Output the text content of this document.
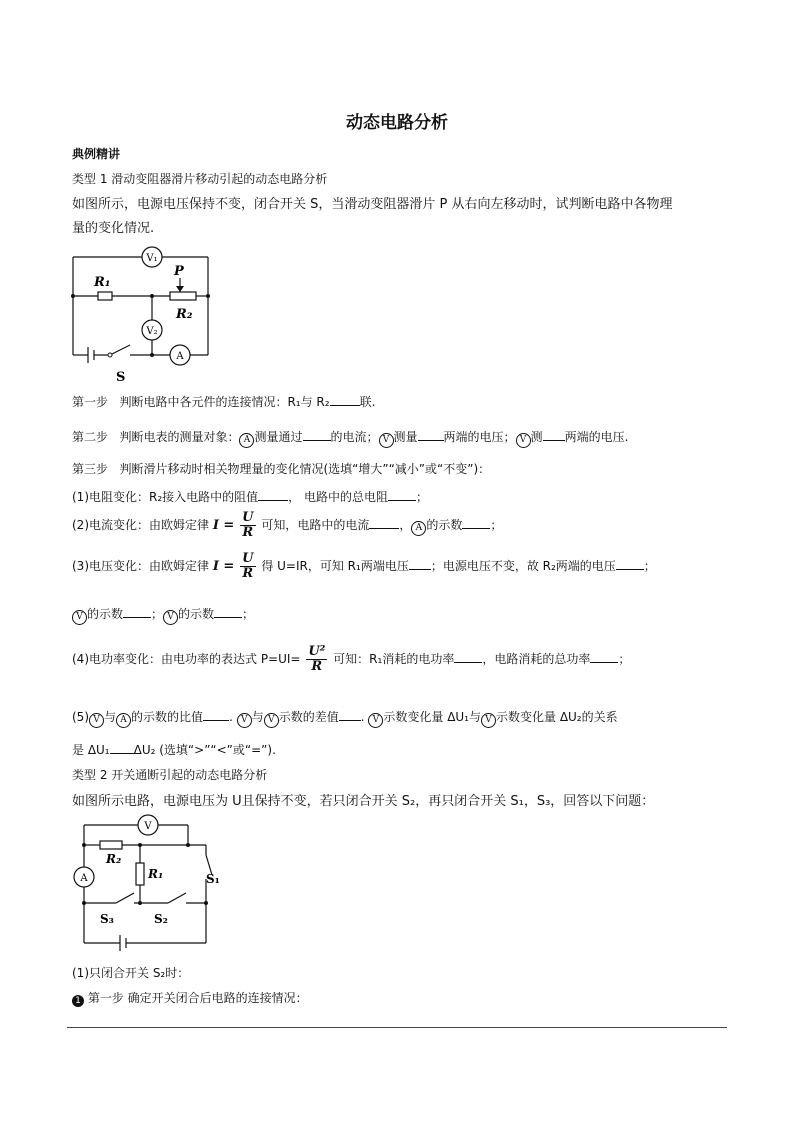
动态电路分析
典例精讲
类型 1 滑动变阻器滑片移动引起的动态电路分析
如图所示，电源电压保持不变，闭合开关 S，当滑动变阻器滑片 P 从右向左移动时，试判断电路中各物理
量的变化情况.
V₁
V₂
A
P
R₁
R₂
S
第一步 判断电路中各元件的连接情况：R₁与 R₂	联.
第二步 判断电表的测量对象： A 测量通过 的电流； V 测量 两端的电压； V 测 两端的电压.
第三步 判断滑片移动时相关物理量的变化情况(选填“增大”“减小”或“不变”)：
(1)电阻变化：R₂接入电路中的阻值	， 电路中的总电阻 ；
(2)电流变化：由欧姆定律 $I = \frac{U}{R}$ 可知，电路中的电流	， A 的示数 ；
(3)电压变化：由欧姆定律 $I = \frac{U}{R}$ 得 U=IR，可知 R₁两端电压 ；电源电压不变，故 R₂两端的电压 ；
V 的示数 ； V 的示数 ；
(4)电功率变化：由电功率的表达式 $P=UI= \frac{\text{U²}}{R}$ 可知：R₁消耗的电功率 ，电路消耗的总功率 ；
(5) V 与 A 的示数的比值 . V 与 V 示数的差值 . V 示数变化量 ΔU₁与 V 示数变化量 ΔU₂的关系
是 ΔU₁ ΔU₂ (选填“>”“<”或“=”).
类型 2 开关通断引起的动态电路分析
如图所示电路，电源电压为 U且保持不变，若只闭合开关 S₂，再只闭合开关 S₁，S₃，回答以下问题：
V
A
R₂
R₁	S₁
S₂
S₃
(1)只闭合开关 S₂时：
1 第一步 确定开关闭合后电路的连接情况：
